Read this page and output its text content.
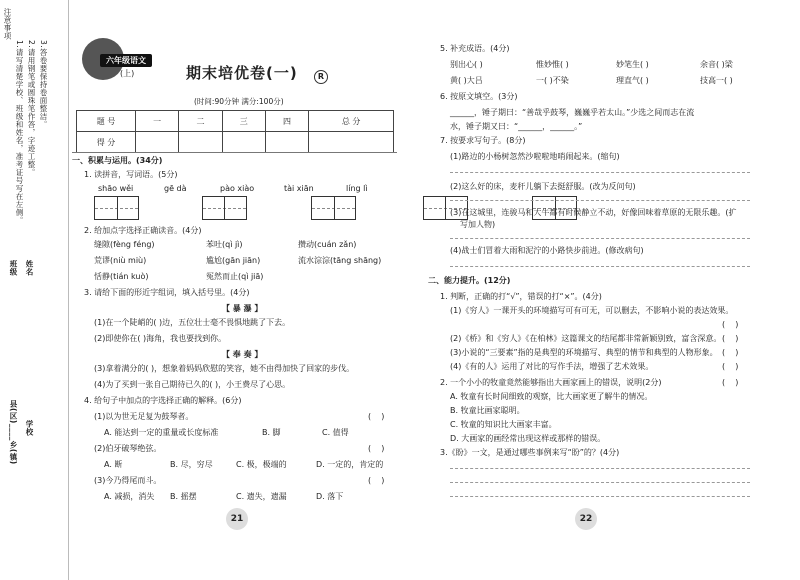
注意事项
1.请写清楚学校、班级和姓名，准考证号写在左侧。 2.请用钢笔或圆珠笔作答，字迹工整。 3.答卷要保持卷面整洁。
姓名
班级
学校
县(区)____乡(镇)
六年级语文
(上)	期末培优卷(一)	R
(时间:90分钟 满分:100分)
题 号	一	二	三	四	总 分
得 分					
一、积累与运用。(34分)
1. 读拼音，写词语。(5分)
shāo wěi	gē dà	pào xiào	tài xiān	líng lì

2. 给加点字选择正确读音。(4分)
缝隙(fèng féng)	苯吐(qì jì)	攒动(cuán zǎn)
荒谬(niù miù)	尴尬(gān jiān)	流水淙淙(tāng shāng)
恬静(tián kuò)	冤然而止(qì jiā)
3. 请给下面的形近字组词，填入括号里。(4分)
【 暴 瀑 】
(1)在一个陡峭的( )边，五位壮士毫不畏惧地跳了下去。
(2)即使你在( )海角，我也要找到你。
【 奉 奏 】
(3)拿着满分的( )，想象着妈妈欣慰的笑容，她不由得加快了回家的步伐。
(4)为了买到一张自己期待已久的( )，小王费尽了心思。
4. 给句子中加点的字选择正确的解释。(6分)
(1)以为世无足复为鼓琴者。	(    )
A. 能达到一定的重量或长度标准	B. 脚	C. 值得
(2)伯牙破琴绝弦。	(    )
A. 断	B. 尽，穷尽	C. 极，极端的	D. 一定的，肯定的
(3)今乃得尾而斗。	(    )
A. 减损，消失 B. 摇摆	C. 遗失，遗漏	D. 落下
21
5. 补充成语。(4分)
别出心( )	惟妙惟( )	妙笔生( )	余音( )梁
黄( )大吕	一( )不染	理直气( )	技高一( )
6. 按原文填空。(3分)
______，锤子期曰：“善哉乎鼓琴，巍巍乎若太山。”少选之间而志在流
水，锤子期又曰：“______，______。”
7. 按要求写句子。(8分)
(1)路边的小杨树忽然沙啦啦地哨闹起来。(缩句)
(2)这么好的床，麦秆儿躺下去挺舒服。(改为反问句)
(3)在这城里，连骏马和大牛都有时候静立不动，好像回味着草原的无限乐趣。(扩
写加人物)
(4)战士们冒着大雨和泥泞的小路快步前进。(修改病句)
二、能力提升。(12分)
1. 判断，正确的打“√”，错误的打“×”。(4分)
(1)《穷人》一课开头的环境描写可有可无，可以删去，不影响小说的表达效果。
(    )
(2)《桥》和《穷人》《在柏林》这篇课文的结尾都非常新颖别致，富含深意。 (    )
(3)小说的“三要素”指的是典型的环境描写、典型的情节和典型的人物形象。 (    )
(4)《有的人》运用了对比的写作手法，增强了艺术效果。	(    )
2. 一个小小的牧童竟然能够指出大画家画上的错误，说明(2分)	(    )
A. 牧童有长时间细致的观察，比大画家更了解牛的情况。
B. 牧童比画家聪明。
C. 牧童的知识比大画家丰富。
D. 大画家的画经常出现这样或那样的错误。
3.《盼》一文，是通过哪些事例来写“盼”的？(4分)
22
